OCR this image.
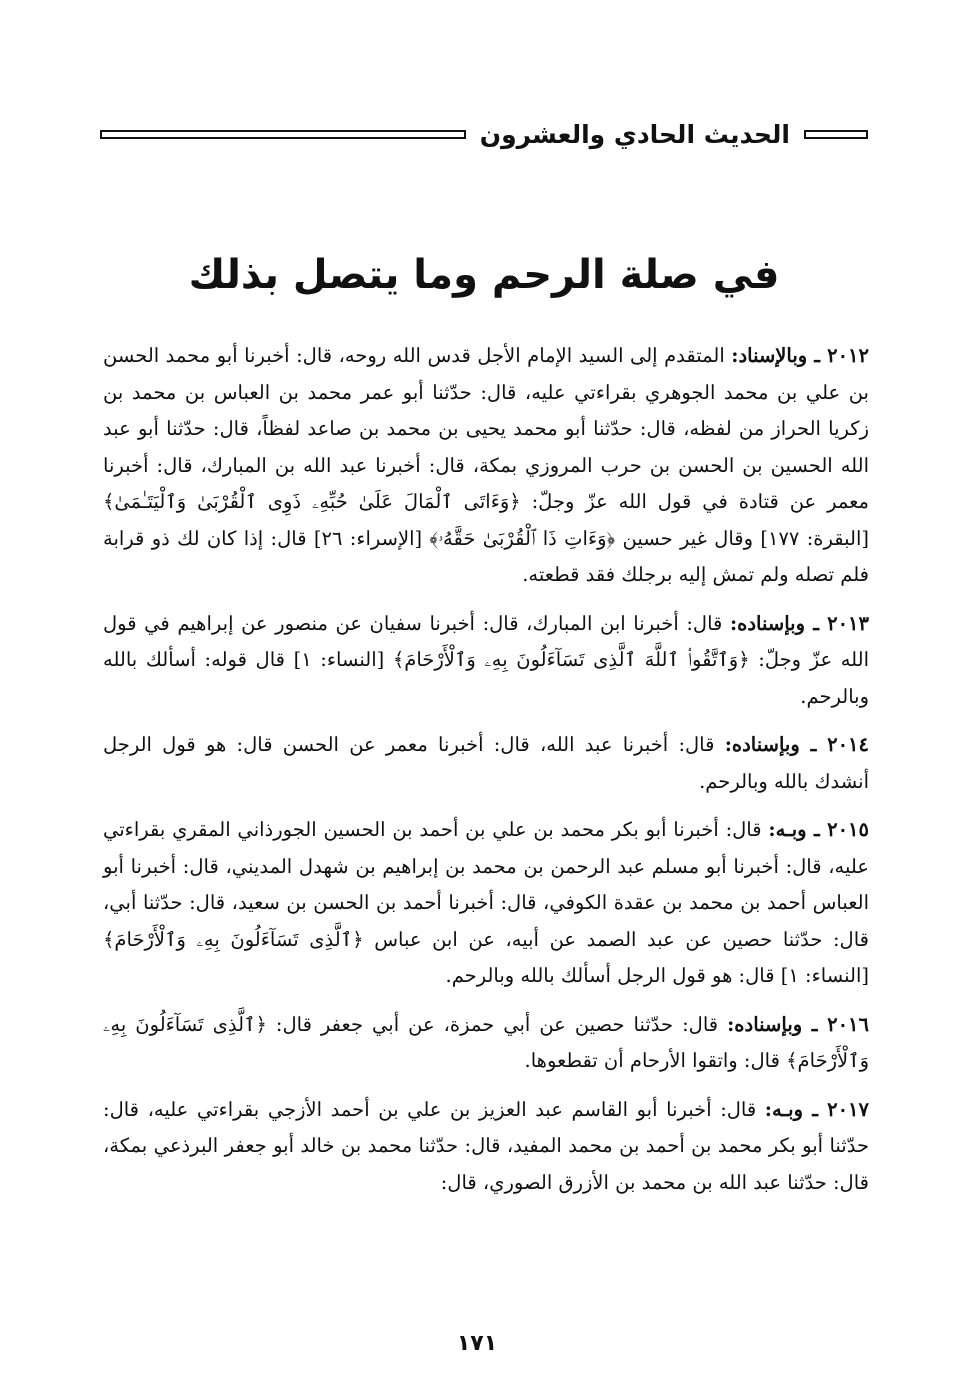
الحديث الحادي والعشرون
في صلة الرحم وما يتصل بذلك

٢٠١٢ ـ وبالإسناد: المتقدم إلى السيد الإمام الأجل قدس الله روحه، قال: أخبرنا أبو محمد الحسن بن علي بن محمد الجوهري بقراءتي عليه، قال: حدّثنا أبو عمر محمد بن العباس بن محمد بن زكريا الحراز من لفظه، قال: حدّثنا أبو محمد يحيى بن محمد بن صاعد لفظاً، قال: حدّثنا أبو عبد الله الحسين بن الحسن بن حرب المروزي بمكة، قال: أخبرنا عبد الله بن المبارك، قال: أخبرنا معمر عن قتادة في قول الله عزّ وجلّ: ﴿وَءَاتَى ٱلْمَالَ عَلَىٰ حُبِّهِۦ ذَوِى ٱلْقُرْبَىٰ وَٱلْيَتَـٰمَىٰ﴾ [البقرة: ١٧٧] وقال غير حسين ﴿وَءَاتِ ذَا ٱلْقُرْبَىٰ حَقَّهُۥ﴾ [الإسراء: ٢٦] قال: إذا كان لك ذو قرابة فلم تصله ولم تمش إليه برجلك فقد قطعته.

٢٠١٣ ـ وبإسناده: قال: أخبرنا ابن المبارك، قال: أخبرنا سفيان عن منصور عن إبراهيم في قول الله عزّ وجلّ: ﴿وَٱتَّقُوا۟ ٱللَّهَ ٱلَّذِى تَسَآءَلُونَ بِهِۦ وَٱلْأَرْحَامَ﴾ [النساء: ١] قال قوله: أسألك بالله وبالرحم.

٢٠١٤ ـ وبإسناده: قال: أخبرنا عبد الله، قال: أخبرنا معمر عن الحسن قال: هو قول الرجل أنشدك بالله وبالرحم.

٢٠١٥ ـ وبـه: قال: أخبرنا أبو بكر محمد بن علي بن أحمد بن الحسين الجورذاني المقري بقراءتي عليه، قال: أخبرنا أبو مسلم عبد الرحمن بن محمد بن إبراهيم بن شهدل المديني، قال: أخبرنا أبو العباس أحمد بن محمد بن عقدة الكوفي، قال: أخبرنا أحمد بن الحسن بن سعيد، قال: حدّثنا أبي، قال: حدّثنا حصين عن عبد الصمد عن أبيه، عن ابن عباس ﴿ٱلَّذِى تَسَآءَلُونَ بِهِۦ وَٱلْأَرْحَامَ﴾ [النساء: ١] قال: هو قول الرجل أسألك بالله وبالرحم.

٢٠١٦ ـ وبإسناده: قال: حدّثنا حصين عن أبي حمزة، عن أبي جعفر قال: ﴿ٱلَّذِى تَسَآءَلُونَ بِهِۦ وَٱلْأَرْحَامَ﴾ قال: واتقوا الأرحام أن تقطعوها.

٢٠١٧ ـ وبـه: قال: أخبرنا أبو القاسم عبد العزيز بن علي بن أحمد الأزجي بقراءتي عليه، قال: حدّثنا أبو بكر محمد بن أحمد بن محمد المفيد، قال: حدّثنا محمد بن خالد أبو جعفر البرذعي بمكة، قال: حدّثنا عبد الله بن محمد بن الأزرق الصوري، قال:

١٧١
